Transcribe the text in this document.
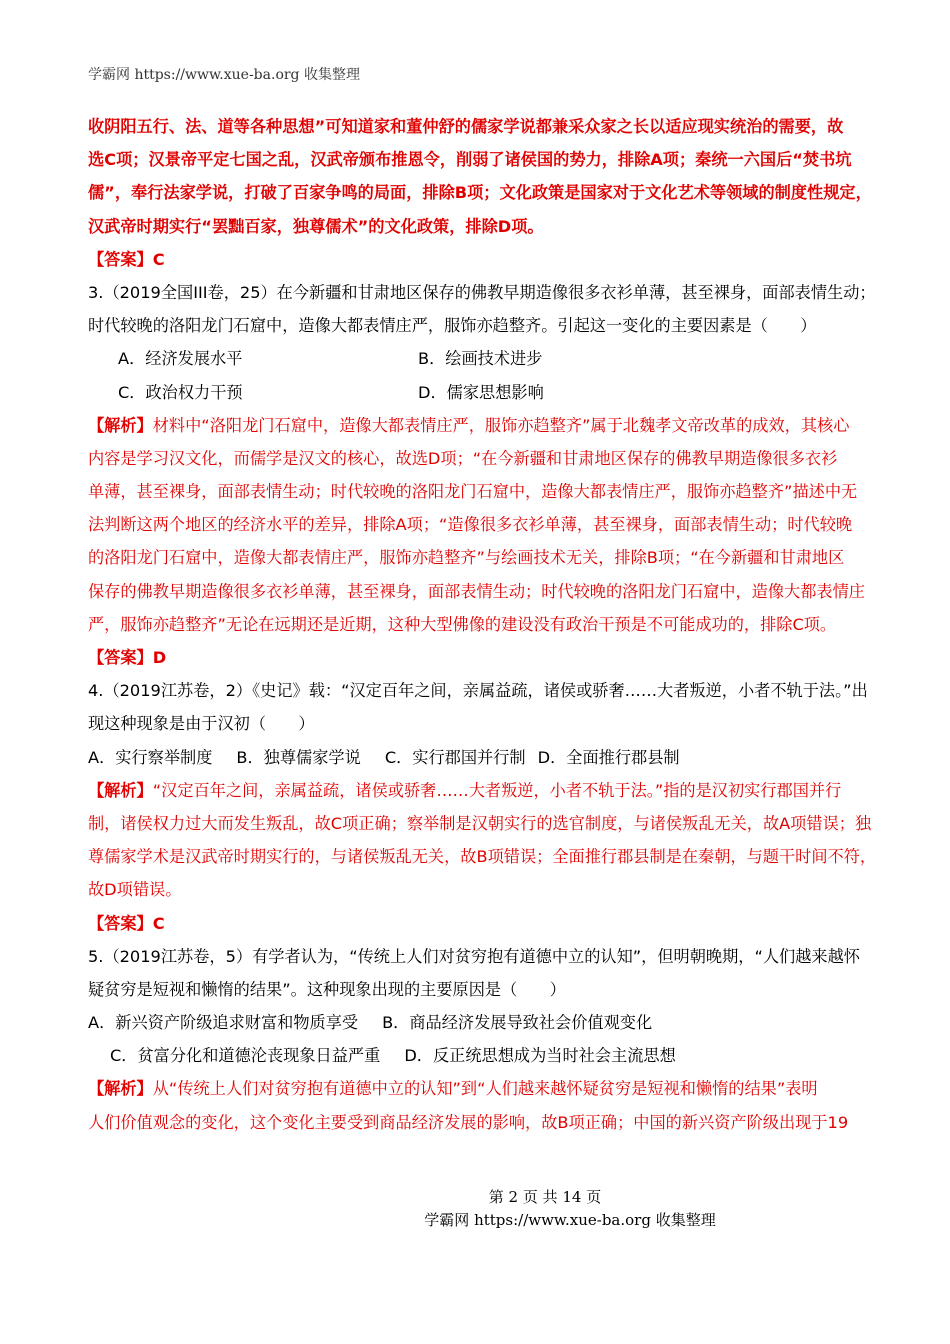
学霸网 https://www.xue-ba.org 收集整理
收阴阳五行、法、道等各种思想”可知道家和董仲舒的儒家学说都兼采众家之长以适应现实统治的需要，故
选C项；汉景帝平定七国之乱，汉武帝颁布推恩令，削弱了诸侯国的势力，排除A项；秦统一六国后“焚书坑
儒”，奉行法家学说，打破了百家争鸣的局面，排除B项；文化政策是国家对于文化艺术等领域的制度性规定，
汉武帝时期实行“罢黜百家，独尊儒术”的文化政策，排除D项。
【答案】C
3.（2019全国III卷，25）在今新疆和甘肃地区保存的佛教早期造像很多衣衫单薄，甚至裸身，面部表情生动；
时代较晚的洛阳龙门石窟中，造像大都表情庄严，服饰亦趋整齐。引起这一变化的主要因素是（　　）
A．经济发展水平	B．绘画技术进步
C．政治权力干预	D．儒家思想影响
【解析】材料中“洛阳龙门石窟中，造像大都表情庄严，服饰亦趋整齐”属于北魏孝文帝改革的成效，其核心
内容是学习汉文化，而儒学是汉文的核心，故选D项；“在今新疆和甘肃地区保存的佛教早期造像很多衣衫
单薄，甚至裸身，面部表情生动；时代较晚的洛阳龙门石窟中，造像大都表情庄严，服饰亦趋整齐”描述中无
法判断这两个地区的经济水平的差异，排除A项；“造像很多衣衫单薄，甚至裸身，面部表情生动；时代较晚
的洛阳龙门石窟中，造像大都表情庄严，服饰亦趋整齐”与绘画技术无关，排除B项；“在今新疆和甘肃地区
保存的佛教早期造像很多衣衫单薄，甚至裸身，面部表情生动；时代较晚的洛阳龙门石窟中，造像大都表情庄
严，服饰亦趋整齐”无论在远期还是近期，这种大型佛像的建设没有政治干预是不可能成功的，排除C项。
【答案】D
4.（2019江苏卷，2）《史记》载：“汉定百年之间，亲属益疏，诸侯或骄奢……大者叛逆，小者不轨于法。”出
现这种现象是由于汉初（　　）
A．实行察举制度 B．独尊儒家学说 C．实行郡国并行制 D．全面推行郡县制
【解析】“汉定百年之间，亲属益疏，诸侯或骄奢……大者叛逆，小者不轨于法。”指的是汉初实行郡国并行
制，诸侯权力过大而发生叛乱，故C项正确；察举制是汉朝实行的选官制度，与诸侯叛乱无关，故A项错误；独
尊儒家学术是汉武帝时期实行的，与诸侯叛乱无关，故B项错误；全面推行郡县制是在秦朝，与题干时间不符，
故D项错误。
【答案】C
5.（2019江苏卷，5）有学者认为，“传统上人们对贫穷抱有道德中立的认知”，但明朝晚期，“人们越来越怀
疑贫穷是短视和懒惰的结果”。这种现象出现的主要原因是（　　）
A．新兴资产阶级追求财富和物质享受 B．商品经济发展导致社会价值观变化
C．贫富分化和道德沦丧现象日益严重 D．反正统思想成为当时社会主流思想
【解析】从“传统上人们对贫穷抱有道德中立的认知”到“人们越来越怀疑贫穷是短视和懒惰的结果”表明
人们价值观念的变化，这个变化主要受到商品经济发展的影响，故B项正确；中国的新兴资产阶级出现于19
第 2 页 共 14 页
学霸网 https://www.xue-ba.org 收集整理
